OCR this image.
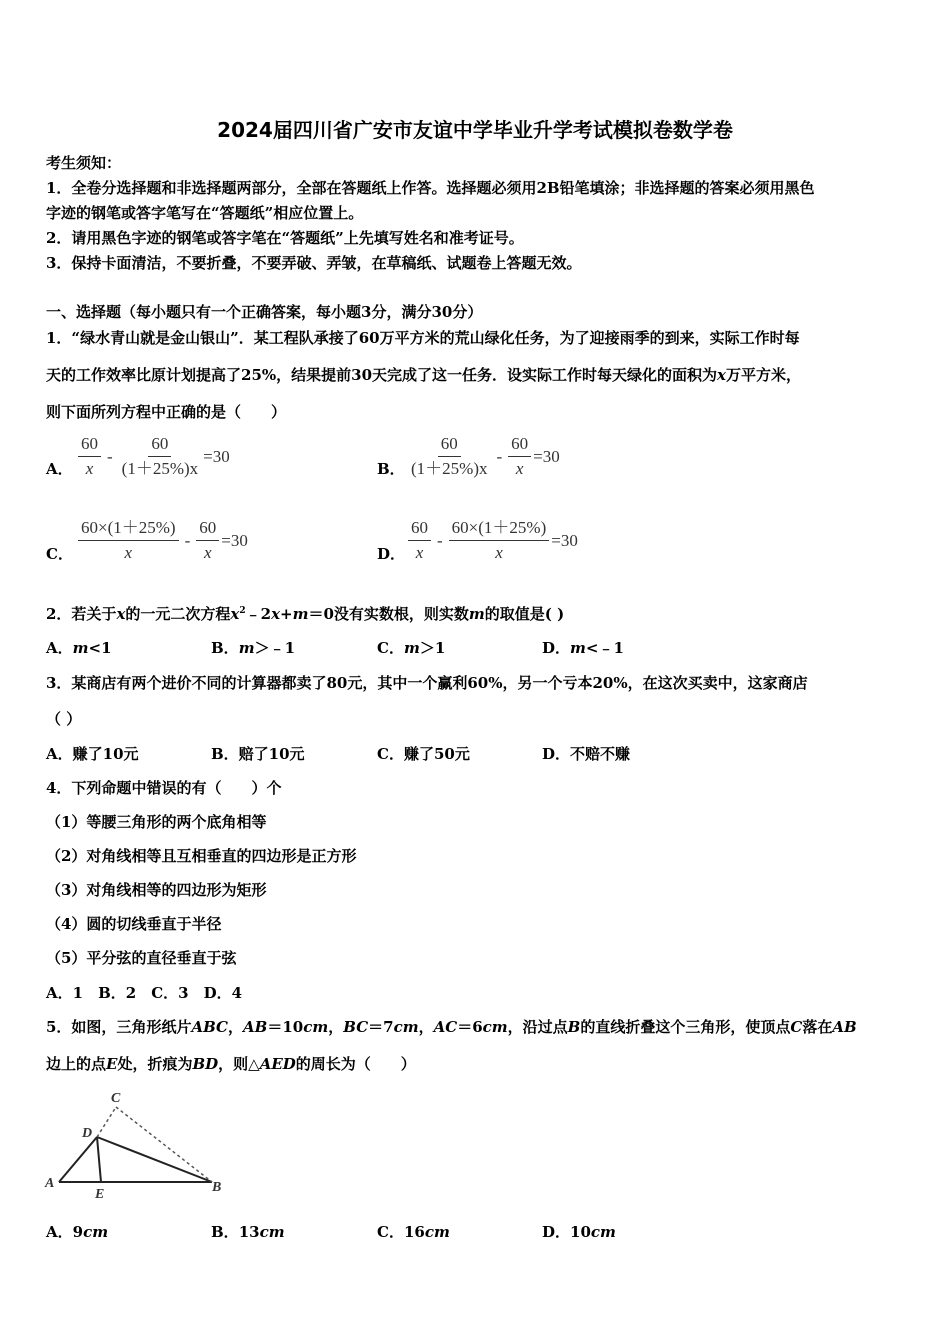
2024届四川省广安市友谊中学毕业升学考试模拟卷数学卷
考生须知：
1．全卷分选择题和非选择题两部分，全部在答题纸上作答。选择题必须用2B铅笔填涂；非选择题的答案必须用黑色
字迹的钢笔或答字笔写在“答题纸”相应位置上。
2．请用黑色字迹的钢笔或答字笔在“答题纸”上先填写姓名和准考证号。
3．保持卡面清洁，不要折叠，不要弄破、弄皱，在草稿纸、试题卷上答题无效。
一、选择题（每小题只有一个正确答案，每小题3分，满分30分）
1．“绿水青山就是金山银山”．某工程队承接了60万平方米的荒山绿化任务，为了迎接雨季的到来，实际工作时每
天的工作效率比原计划提高了25%，结果提前30天完成了这一任务．设实际工作时每天绿化的面积为x万平方米，
则下面所列方程中正确的是（　　）
A． $\frac{60}{x} - \frac{60}{(1+25\%)x} =30$
B． $\frac{60}{(1+25\%)x} - \frac{60}{x} =30$
C． $\frac{60\times(1+25\%)}{x} - \frac{60}{x} =30$
D． $\frac{60}{x} - \frac{60\times(1+25\%)}{x} =30$
2．若关于x的一元二次方程$x^2﹣2x+m=0$没有实数根，则实数m的取值是( )
A．m<1	B．m＞﹣1	C．m＞1	D．m<﹣1
3．某商店有两个进价不同的计算器都卖了80元，其中一个赢利60%，另一个亏本20%，在这次买卖中，这家商店
（ ）
A．赚了10元	B．赔了10元	C．赚了50元	D．不赔不赚
4．下列命题中错误的有（　　）个
（1）等腰三角形的两个底角相等
（2）对角线相等且互相垂直的四边形是正方形
（3）对角线相等的四边形为矩形
（4）圆的切线垂直于半径
（5）平分弦的直径垂直于弦
A．1　B．2　C．3　D．4
5．如图，三角形纸片ABC，AB＝10cm，BC＝7cm，AC＝6cm，沿过点B的直线折叠这个三角形，使顶点C落在AB
边上的点E处，折痕为BD，则△AED的周长为（　　）
A	B
C
D
E
A．9cm	B．13cm	C．16cm	D．10cm
